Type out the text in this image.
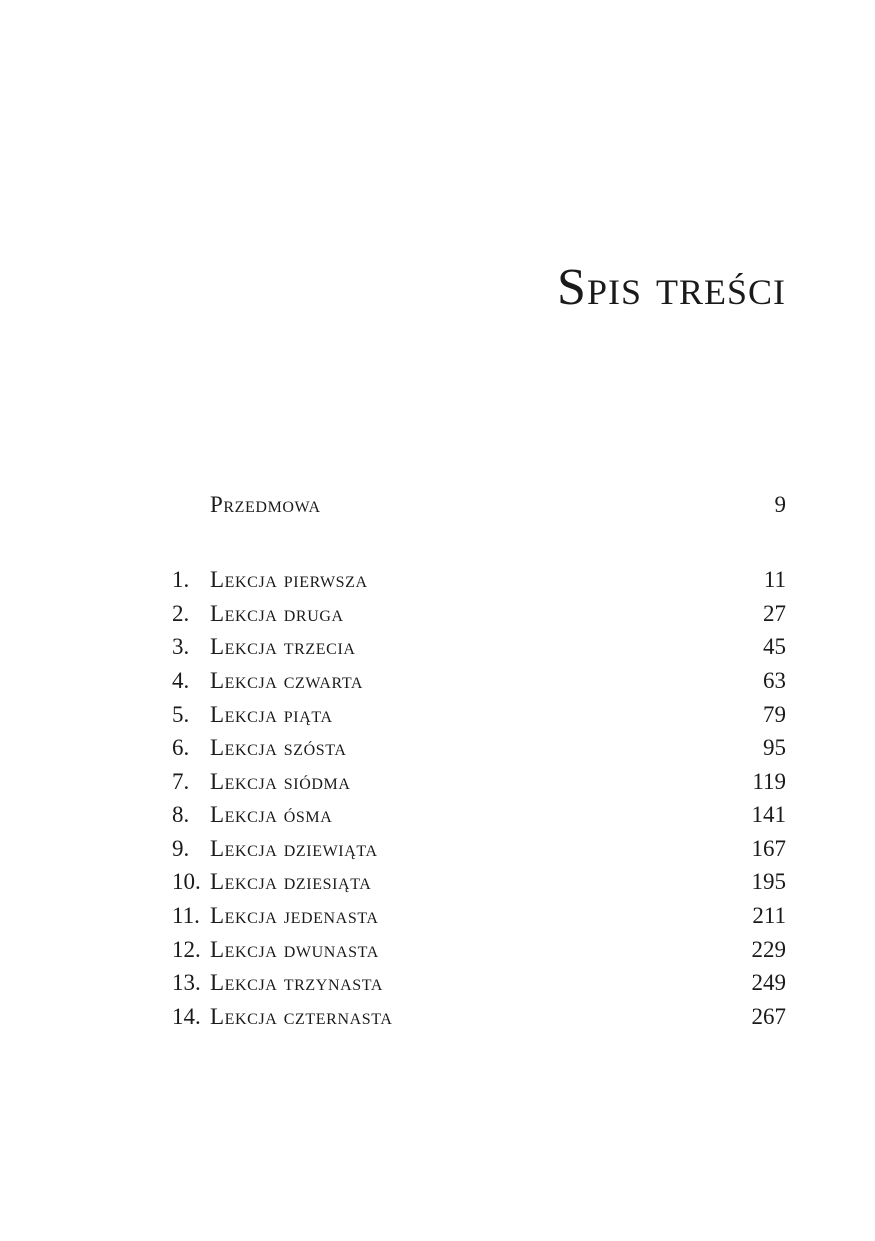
Spis treści
Przedmowa	9
1. Lekcja pierwsza	11
2. Lekcja druga	27
3. Lekcja trzecia	45
4. Lekcja czwarta	63
5. Lekcja piąta	79
6. Lekcja szósta	95
7. Lekcja siódma	119
8. Lekcja ósma	141
9. Lekcja dziewiąta	167
10. Lekcja dziesiąta	195
11. Lekcja jedenasta	211
12. Lekcja dwunasta	229
13. Lekcja trzynasta	249
14. Lekcja czternasta	267
